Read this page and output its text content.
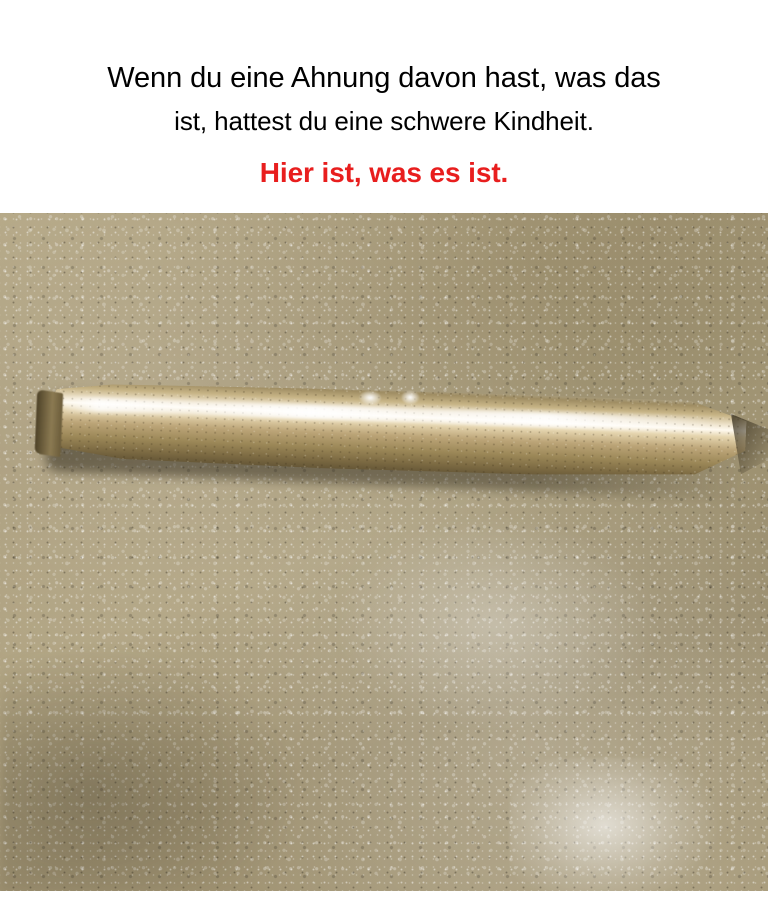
Wenn du eine Ahnung davon hast, was das
ist, hattest du eine schwere Kindheit.
Hier ist, was es ist.
